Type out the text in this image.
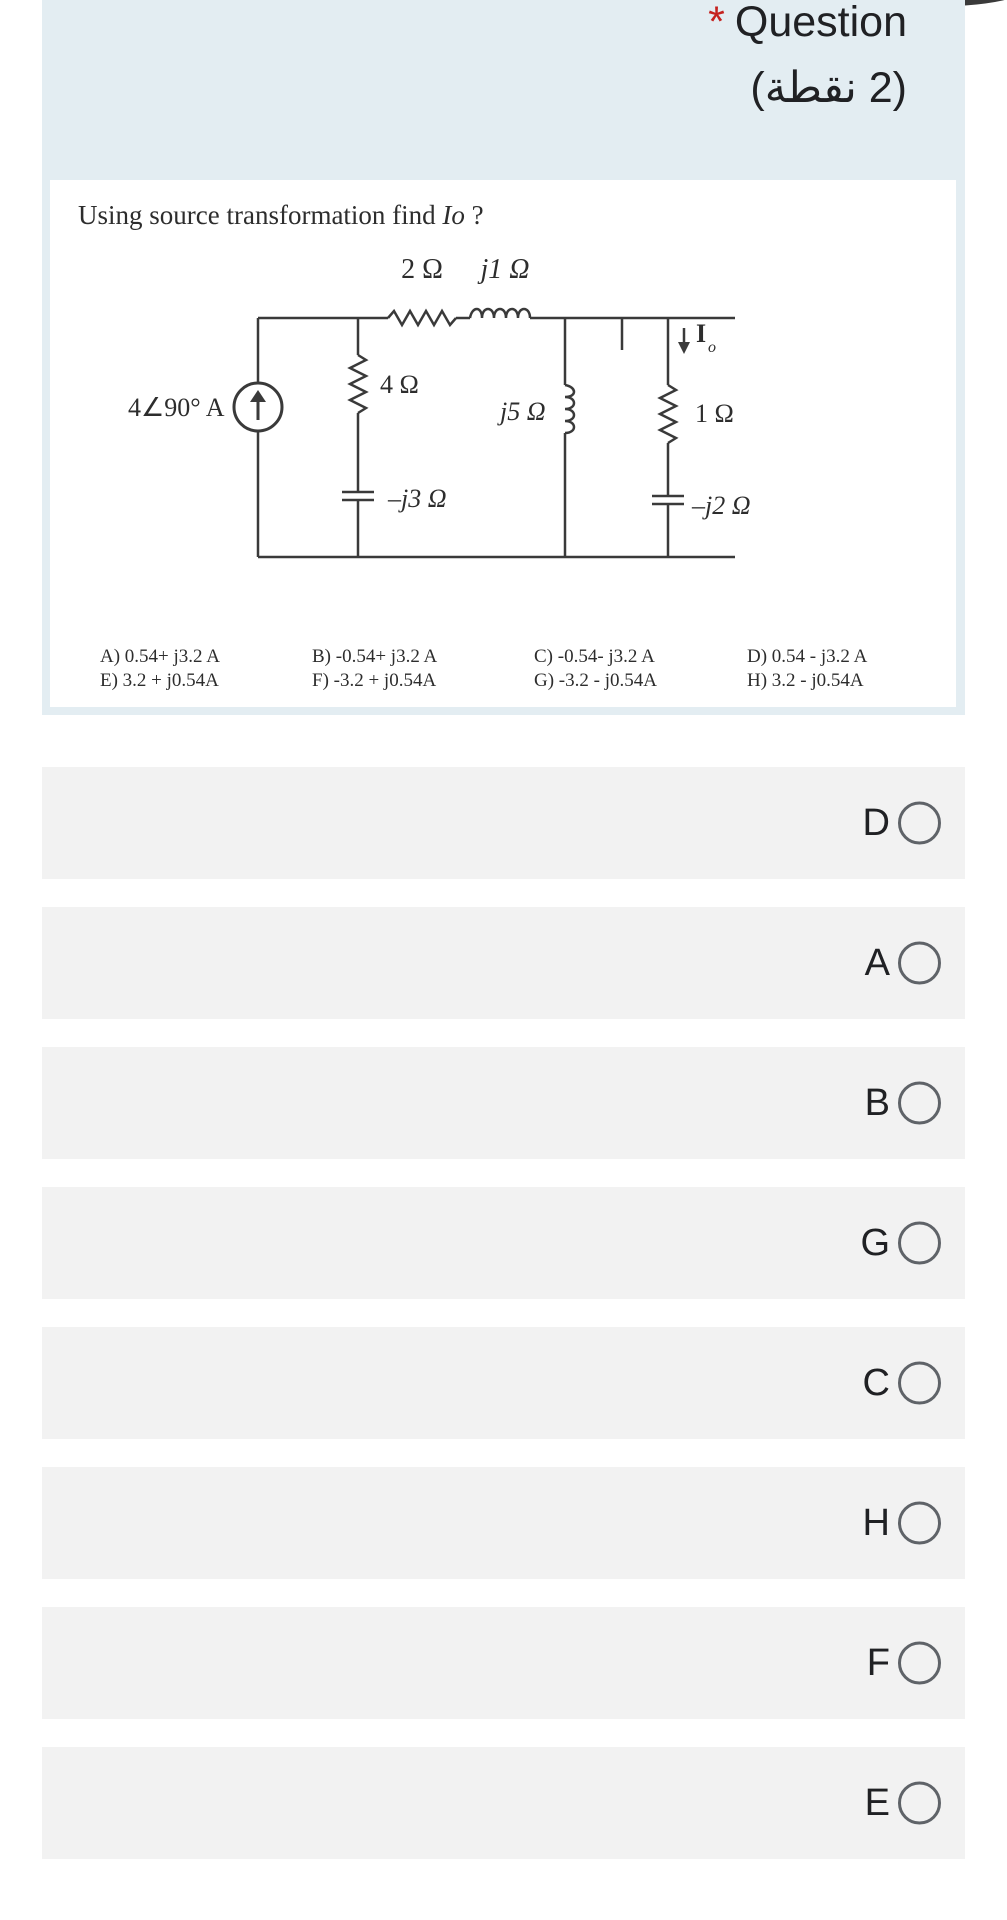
* Question
(2 نقطة)
Using source transformation find Io ?
2 Ω j1 Ω
4 Ω
–j3 Ω
4∠90° A	j5 Ω	1 Ω
–j2 Ω
I o
A) 0.54+ j3.2 A	B) -0.54+ j3.2 A	C) -0.54- j3.2 A	D) 0.54 - j3.2 A
E) 3.2 + j0.54A	F) -3.2 + j0.54A	G) -3.2 - j0.54A	H) 3.2 - j0.54A
D
A
B
G
C
H
F
E
